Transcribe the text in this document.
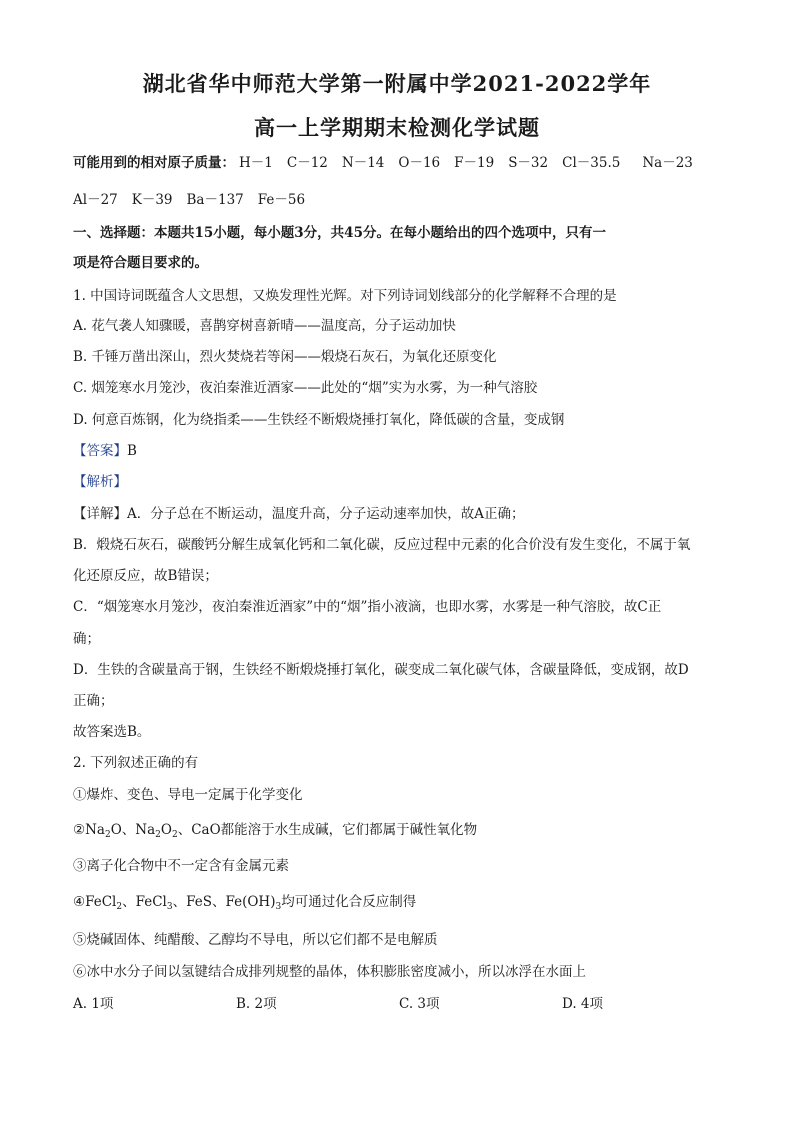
湖北省华中师范大学第一附属中学2021-2022学年
高一上学期期末检测化学试题
可能用到的相对原子质量： H－1 C－12 N－14 O－16 F－19 S－32 Cl－35.5 Na－23
Al－27 K－39 Ba－137 Fe－56
一、选择题：本题共15小题，每小题3分，共45分。在每小题给出的四个选项中，只有一
项是符合题目要求的。
1. 中国诗词既蕴含人文思想，又焕发理性光辉。对下列诗词划线部分的化学解释不合理的是
A. 花气袭人知骤暖，喜鹊穿树喜新晴——温度高，分子运动加快
B. 千锤万凿出深山，烈火焚烧若等闲——煅烧石灰石，为氧化还原变化
C. 烟笼寒水月笼沙，夜泊秦淮近酒家——此处的“烟”实为水雾，为一种气溶胶
D. 何意百炼钢，化为绕指柔——生铁经不断煅烧捶打氧化，降低碳的含量，变成钢
【答案】B
【解析】
【详解】A．分子总在不断运动，温度升高，分子运动速率加快，故A正确；
B．煅烧石灰石，碳酸钙分解生成氧化钙和二氧化碳，反应过程中元素的化合价没有发生变化，不属于氧
化还原反应，故B错误；
C．“烟笼寒水月笼沙，夜泊秦淮近酒家”中的“烟”指小液滴，也即水雾，水雾是一种气溶胶，故C正
确；
D．生铁的含碳量高于钢，生铁经不断煅烧捶打氧化，碳变成二氧化碳气体，含碳量降低，变成钢，故D
正确；
故答案选B。
2. 下列叙述正确的有
①爆炸、变色、导电一定属于化学变化
$②Na_2O$、$Na_2O_2$、CaO都能溶于水生成碱，它们都属于碱性氧化物
③离子化合物中不一定含有金属元素
④FeCl$_2$、FeCl$_3$、FeS、$Fe(OH)_3$均可通过化合反应制得
⑤烧碱固体、纯醋酸、乙醇均不导电，所以它们都不是电解质
⑥冰中水分子间以氢键结合成排列规整的晶体，体积膨胀密度减小，所以冰浮在水面上
A. 1项	B. 2项	C. 3项	D. 4项
